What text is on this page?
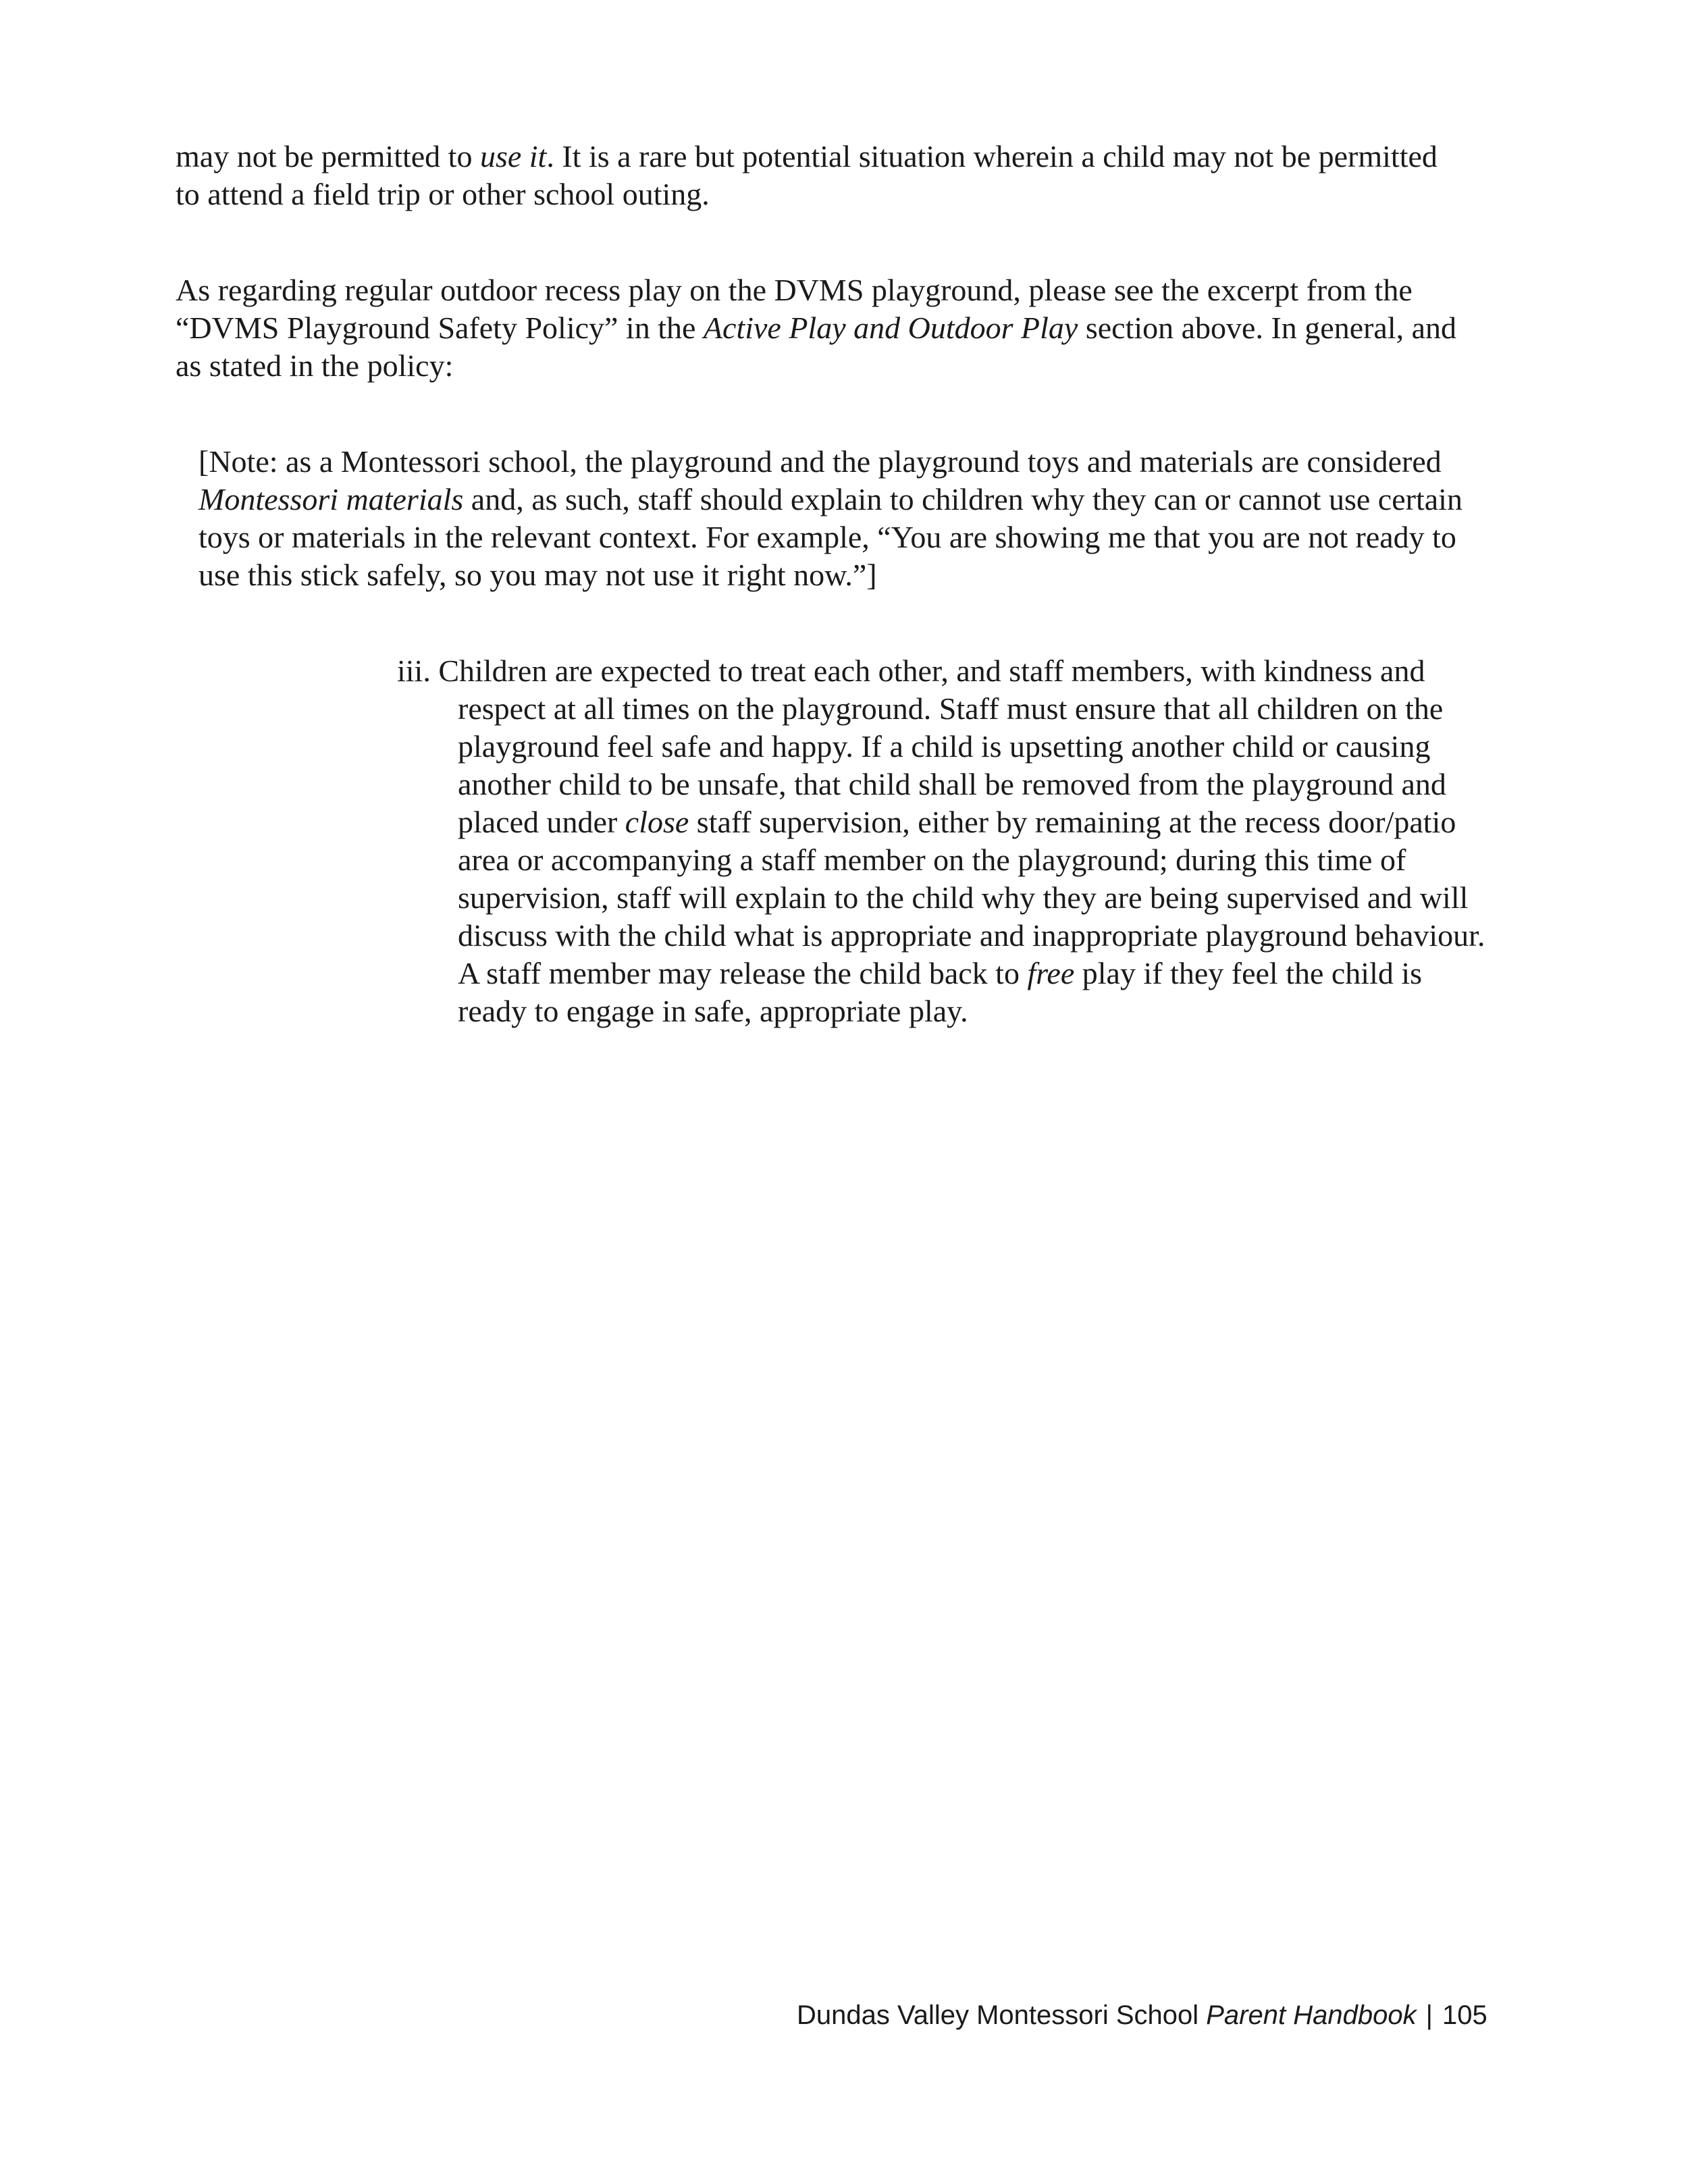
may not be permitted to use it. It is a rare but potential situation wherein a child may not be permitted to attend a field trip or other school outing.

As regarding regular outdoor recess play on the DVMS playground, please see the excerpt from the “DVMS Playground Safety Policy” in the Active Play and Outdoor Play section above. In general, and as stated in the policy:

[Note: as a Montessori school, the playground and the playground toys and materials are considered Montessori materials and, as such, staff should explain to children why they can or cannot use certain toys or materials in the relevant context. For example, “You are showing me that you are not ready to use this stick safely, so you may not use it right now.”]

iii. Children are expected to treat each other, and staff members, with kindness and respect at all times on the playground. Staff must ensure that all children on the playground feel safe and happy. If a child is upsetting another child or causing another child to be unsafe, that child shall be removed from the playground and placed under close staff supervision, either by remaining at the recess door/patio area or accompanying a staff member on the playground; during this time of supervision, staff will explain to the child why they are being supervised and will discuss with the child what is appropriate and inappropriate playground behaviour. A staff member may release the child back to free play if they feel the child is ready to engage in safe, appropriate play.

Dundas Valley Montessori School Parent Handbook | 105
